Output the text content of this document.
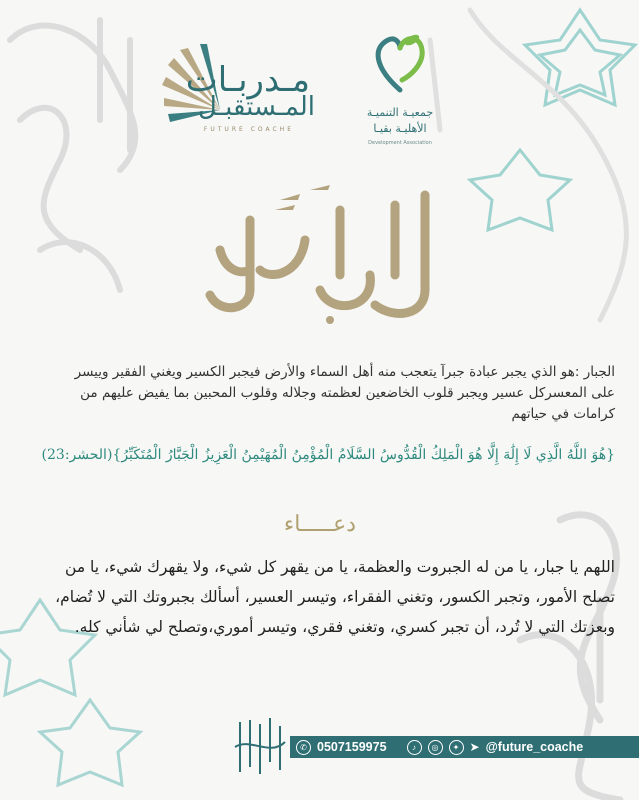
مـدربـات
المـستقبـل
FUTURE COACHE
جمعيـة التنميـة
الأهليـة بقيـا
Development Association
الجبار :هو الذي يجبر عبادة جبرآ يتعجب منه أهل السماء والأرض فيجبر الكسير ويغني الفقير وييسر على المعسركل عسير ويجبر قلوب الخاضعين لعظمته وجلاله وقلوب المحبين بما يفيض عليهم من كرامات في حياتهم
{هُوَ اللَّهُ الَّذِي لَا إِلَٰهَ إِلَّا هُوَ الْمَلِكُ الْقُدُّوسُ السَّلَامُ الْمُؤْمِنُ الْمُهَيْمِنُ الْعَزِيزُ الْجَبَّارُ الْمُتَكَبِّرُ}(الحشر:23)
دعـــــاء
اللهم يا جبار، يا من له الجبروت والعظمة، يا من يقهر كل شيء، ولا يقهرك شيء، يا من تصلح الأمور، وتجبر الكسور، وتغني الفقراء، وتيسر العسير، أسألك بجبروتك التي لا تُضام، وبعزتك التي لا تُرد، أن تجبر كسري، وتغني فقري، وتيسر أموري،وتصلح لي شأني كله.
✆ 0507159975	♪	◎	✦ ➤ @future_coache
